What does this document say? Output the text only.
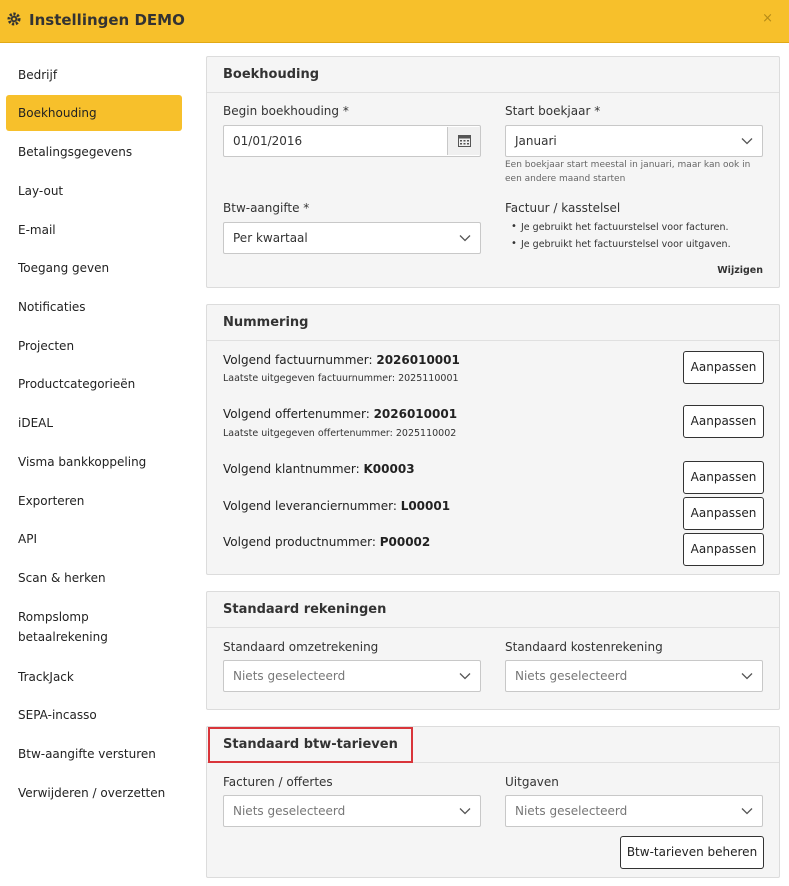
Instellingen DEMO	×
Bedrijf
Boekhouding
Betalingsgegevens
Lay-out
E-mail
Toegang geven
Notificaties
Projecten
Productcategorieën
iDEAL
Visma bankkoppeling
Exporteren
API
Scan & herken
Rompslomp
betaalrekening
TrackJack
SEPA-incasso
Btw-aangifte versturen
Verwijderen / overzetten
Boekhouding
Begin boekhouding *
01/01/2016
Start boekjaar *
Januari
Een boekjaar start meestal in januari, maar kan ook in
een andere maand starten
Btw-aangifte *
Per kwartaal
Factuur / kasstelsel
• Je gebruikt het factuurstelsel voor facturen.
• Je gebruikt het factuurstelsel voor uitgaven.
Wijzigen
Nummering
Volgend factuurnummer: 2026010001
Laatste uitgegeven factuurnummer: 2025110001
Aanpassen
Volgend offertenummer: 2026010001
Laatste uitgegeven offertenummer: 2025110002
Aanpassen
Volgend klantnummer: K00003
Aanpassen
Volgend leveranciernummer: L00001	Aanpassen
Volgend productnummer: P00002	Aanpassen
Standaard rekeningen
Standaard omzetrekening
Niets geselecteerd
Standaard kostenrekening
Niets geselecteerd
Standaard btw-tarieven
Facturen / offertes
Niets geselecteerd
Uitgaven
Niets geselecteerd
Btw-tarieven beheren
